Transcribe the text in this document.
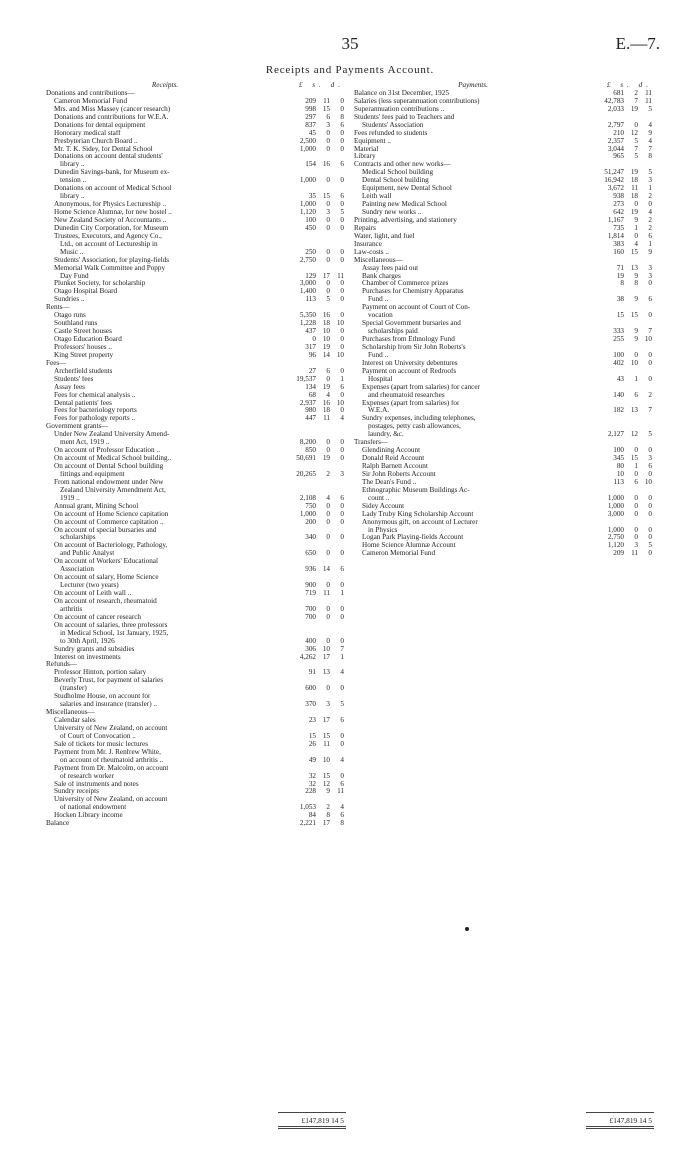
35	E.—7.
Receipts and Payments Account.
Receipts.	£ s. d.
Donations and contributions—
Cameron Memorial Fund	209 11	0
Mrs. and Miss Massey (cancer research)	998 15	0
Donations and contributions for W.E.A.	297	6	8
Donations for dental equipment	837	3	6
Honorary medical staff	45	0	0
Presbyterian Church Board ..	2,500	0	0
Mr. T. K. Sidey, for Dental School	1,000	0	0
Donations on account dental students'
library ..	154 16	6
Dunedin Savings-bank, for Museum ex-
tension ..	1,000	0	0
Donations on account of Medical School
library ..	35 15	6
Anonymous, for Physics Lectureship ..	1,000	0	0
Home Science Alumnæ, for new hostel ..	1,120	3	5
New Zealand Society of Accountants ..	100	0	0
Dunedin City Corporation, for Museum	450	0	0
Trustees, Executors, and Agency Co.,
Ltd., on account of Lectureship in
Music ..	250	0	0
Students' Association, for playing-fields	2,750	0	0
Memorial Walk Committee and Poppy
Day Fund	129 17 11
Plunket Society, for scholarship	3,000	0	0
Otago Hospital Board	1,400	0	0
Sundries ..	113	5	0
Rents—
Otago runs	5,350 16	0
Southland runs	1,228 18 10
Castle Street houses	437 10	0
Otago Education Board	0 10	0
Professors' houses ..	317 19	0
King Street property	96 14 10
Fees—
Archerfield students	27	6	0
Students' fees	19,537	0	1
Assay fees	134 19	6
Fees for chemical analysis ..	68	4	0
Dental patients' fees	2,937 16 10
Fees for bacteriology reports	980 18	0
Fees for pathology reports ..	447 11	4
Government grants—
Under New Zealand University Amend-
ment Act, 1919 ..	8,200	0	0
On account of Professor Education ..	850	0	0
On account of Medical School building..	50,691 19	0
On account of Dental School building
fittings and equipment	20,265	2	3
From national endowment under New
Zealand University Amendment Act,
1919 ..	2,108	4	6
Annual grant, Mining School	750	0	0
On account of Home Science capitation	1,000	0	0
On account of Commerce capitation ..	200	0	0
On account of special bursaries and
scholarships	340	0	0
On account of Bacteriology, Pathology,
and Public Analyst	650	0	0
On account of Workers' Educational
Association	936 14	6
On account of salary, Home Science
Lecturer (two years)	900	0	0
On account of Leith wall ..	719 11	1
On account of research, rheumatoid
arthritis	700	0	0
On account of cancer research	700	0	0
On account of salaries, three professors
in Medical School, 1st January, 1925,
to 30th April, 1926	400	0	0
Sundry grants and subsidies	306 10	7
Interest on investments	4,262 17	1
Refunds—
Professor Hinton, portion salary	91 13	4
Beverly Trust, for payment of salaries
(transfer)	600	0	0
Studholme House, on account for
salaries and insurance (transfer) ..	370	3	5
Miscellaneous—
Calendar sales	23 17	6
University of New Zealand, on account
of Court of Convocation ..	15 15	0
Sale of tickets for music lectures	26 11	0
Payment from Mr. J. Renfrew White,
on account of rheumatoid arthritis ..	49 10	4
Payment from Dr. Malcolm, on account
of research worker	32 15	0
Sale of instruments and notes	32 12	6
Sundry receipts	228	9 11
University of New Zealand, on account
of national endowment	1,053	2	4
Hocken Library income	84	8	6
Balance	2,221 17	8
Payments.	£ s. d.
Balance on 31st December, 1925	681	2 11
Salaries (less superannuation contributions)	42,783	7 11
Superannuation contributions ..	2,033 19	5
Students' fees paid to Teachers and
Students' Association	2,797	0	4
Fees refunded to students	210 12	9
Equipment ..	2,357	5	4
Material	3,044	7	7
Library	965	5	8
Contracts and other new works—
Medical School building	51,247 19	5
Dental School building	16,942 18	3
Equipment, new Dental School	3,672 11	1
Leith wall	938 18	2
Painting new Medical School	273	0	0
Sundry new works ..	642 19	4
Printing, advertising, and stationery	1,167	9	2
Repairs	735	1	2
Water, light, and fuel	1,814	0	6
Insurance	383	4	1
Law-costs ..	160 15	9
Miscellaneous—
Assay fees paid out	71 13	3
Bank charges	19	9	3
Chamber of Commerce prizes	8	8	0
Purchases for Chemistry Apparatus
Fund ..	38	9	6
Payment on account of Court of Con-
vocation	15 15	0
Special Government bursaries and
scholarships paid	333	9	7
Purchases from Ethnology Fund	255	9 10
Scholarship from Sir John Roberts's
Fund ..	100	0	0
Interest on University debentures	402 10	0
Payment on account of Redroofs
Hospital	43	1	0
Expenses (apart from salaries) for cancer
and rheumatoid researches	140	6	2
Expenses (apart from salaries) for
W.E.A.	182 13	7
Sundry expenses, including telephones,
postages, petty cash allowances,
laundry, &c.	2,127 12	5
Transfers—
Glendining Account	100	0	0
Donald Reid Account	345 15	3
Ralph Barnett Account	80	1	6
Sir John Roberts Account	10	0	0
The Dean's Fund ..	113	6 10
Ethnographic Museum Buildings Ac-
count ..	1,000	0	0
Sidey Account	1,000	0	0
Lady Truby King Scholarship Account	3,000	0	0
Anonymous gift, on account of Lecturer
in Physics	1,000	0	0
Logan Park Playing-fields Account	2,750	0	0
Home Science Alumnæ Account	1,120	3	5
Cameron Memorial Fund	209 11	0
£147,819 14 5	£147,819 14 5
